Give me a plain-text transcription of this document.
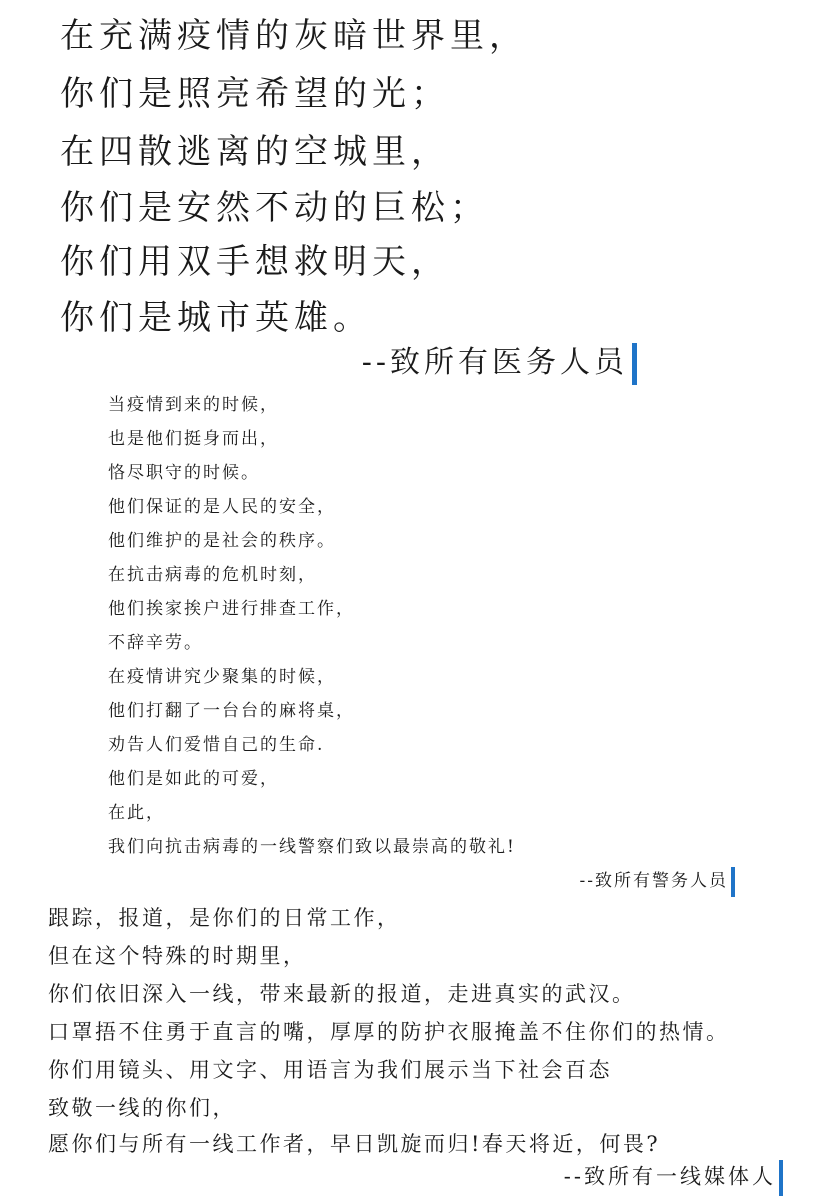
在充满疫情的灰暗世界里，
你们是照亮希望的光；
在四散逃离的空城里，
你们是安然不动的巨松；
你们用双手想救明天，
你们是城市英雄。
--致所有医务人员
当疫情到来的时候，
也是他们挺身而出，
恪尽职守的时候。
他们保证的是人民的安全，
他们维护的是社会的秩序。
在抗击病毒的危机时刻，
他们挨家挨户进行排查工作，
不辞辛劳。
在疫情讲究少聚集的时候，
他们打翻了一台台的麻将桌，
劝告人们爱惜自己的生命.
他们是如此的可爱，
在此，
我们向抗击病毒的一线警察们致以最崇高的敬礼!
--致所有警务人员
跟踪，报道，是你们的日常工作，
但在这个特殊的时期里，
你们依旧深入一线，带来最新的报道，走进真实的武汉。
口罩捂不住勇于直言的嘴，厚厚的防护衣服掩盖不住你们的热情。
你们用镜头、用文字、用语言为我们展示当下社会百态
致敬一线的你们，
愿你们与所有一线工作者，早日凯旋而归!春天将近，何畏?
--致所有一线媒体人
